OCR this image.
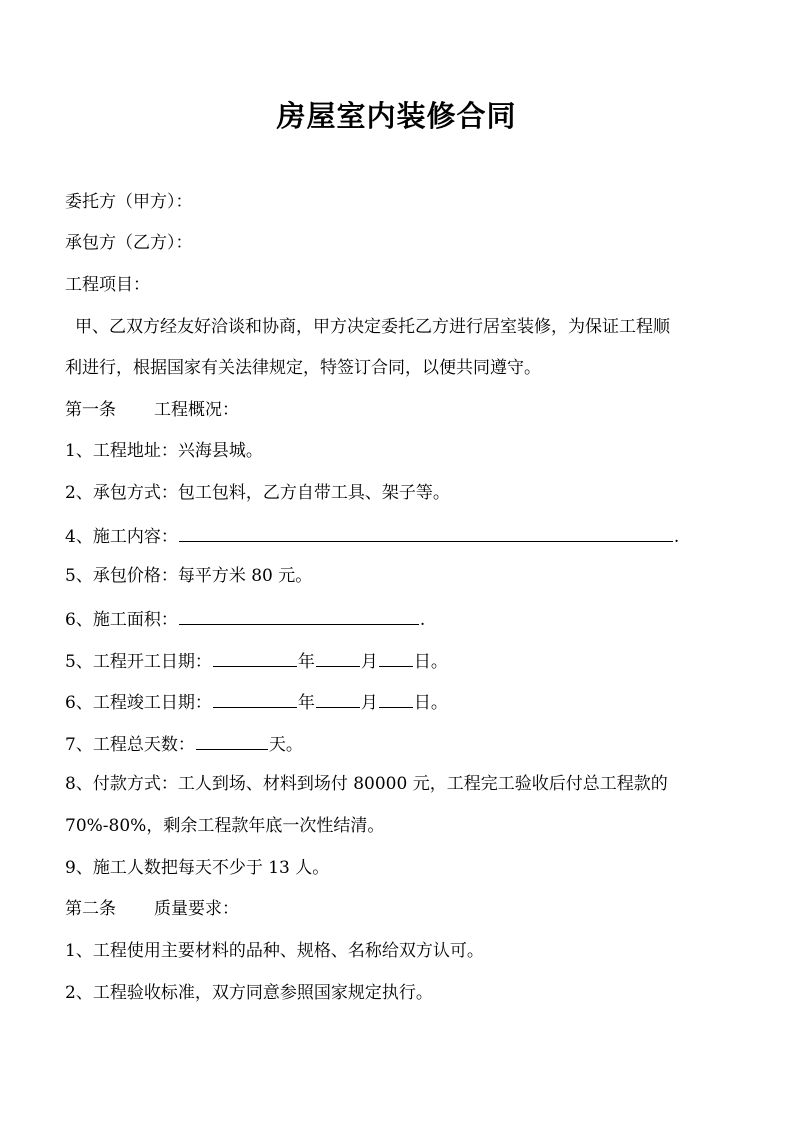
房屋室内装修合同
委托方（甲方）：
承包方（乙方）：
工程项目：
甲、乙双方经友好洽谈和协商，甲方决定委托乙方进行居室装修，为保证工程顺
利进行，根据国家有关法律规定，特签订合同，以便共同遵守。
第一条 工程概况：
1、工程地址：兴海县城。
2、承包方式：包工包料，乙方自带工具、架子等。
4、施工内容：	.
5、承包价格：每平方米 80 元。
6、施工面积：	.
5、工程开工日期：	年	月 日。
6、工程竣工日期：	年	月 日。
7、工程总天数：	天。
8、付款方式：工人到场、材料到场付 80000 元，工程完工验收后付总工程款的
70%-80%，剩余工程款年底一次性结清。
9、施工人数把每天不少于 13 人。
第二条 质量要求：
1、工程使用主要材料的品种、规格、名称给双方认可。
2、工程验收标准，双方同意参照国家规定执行。
